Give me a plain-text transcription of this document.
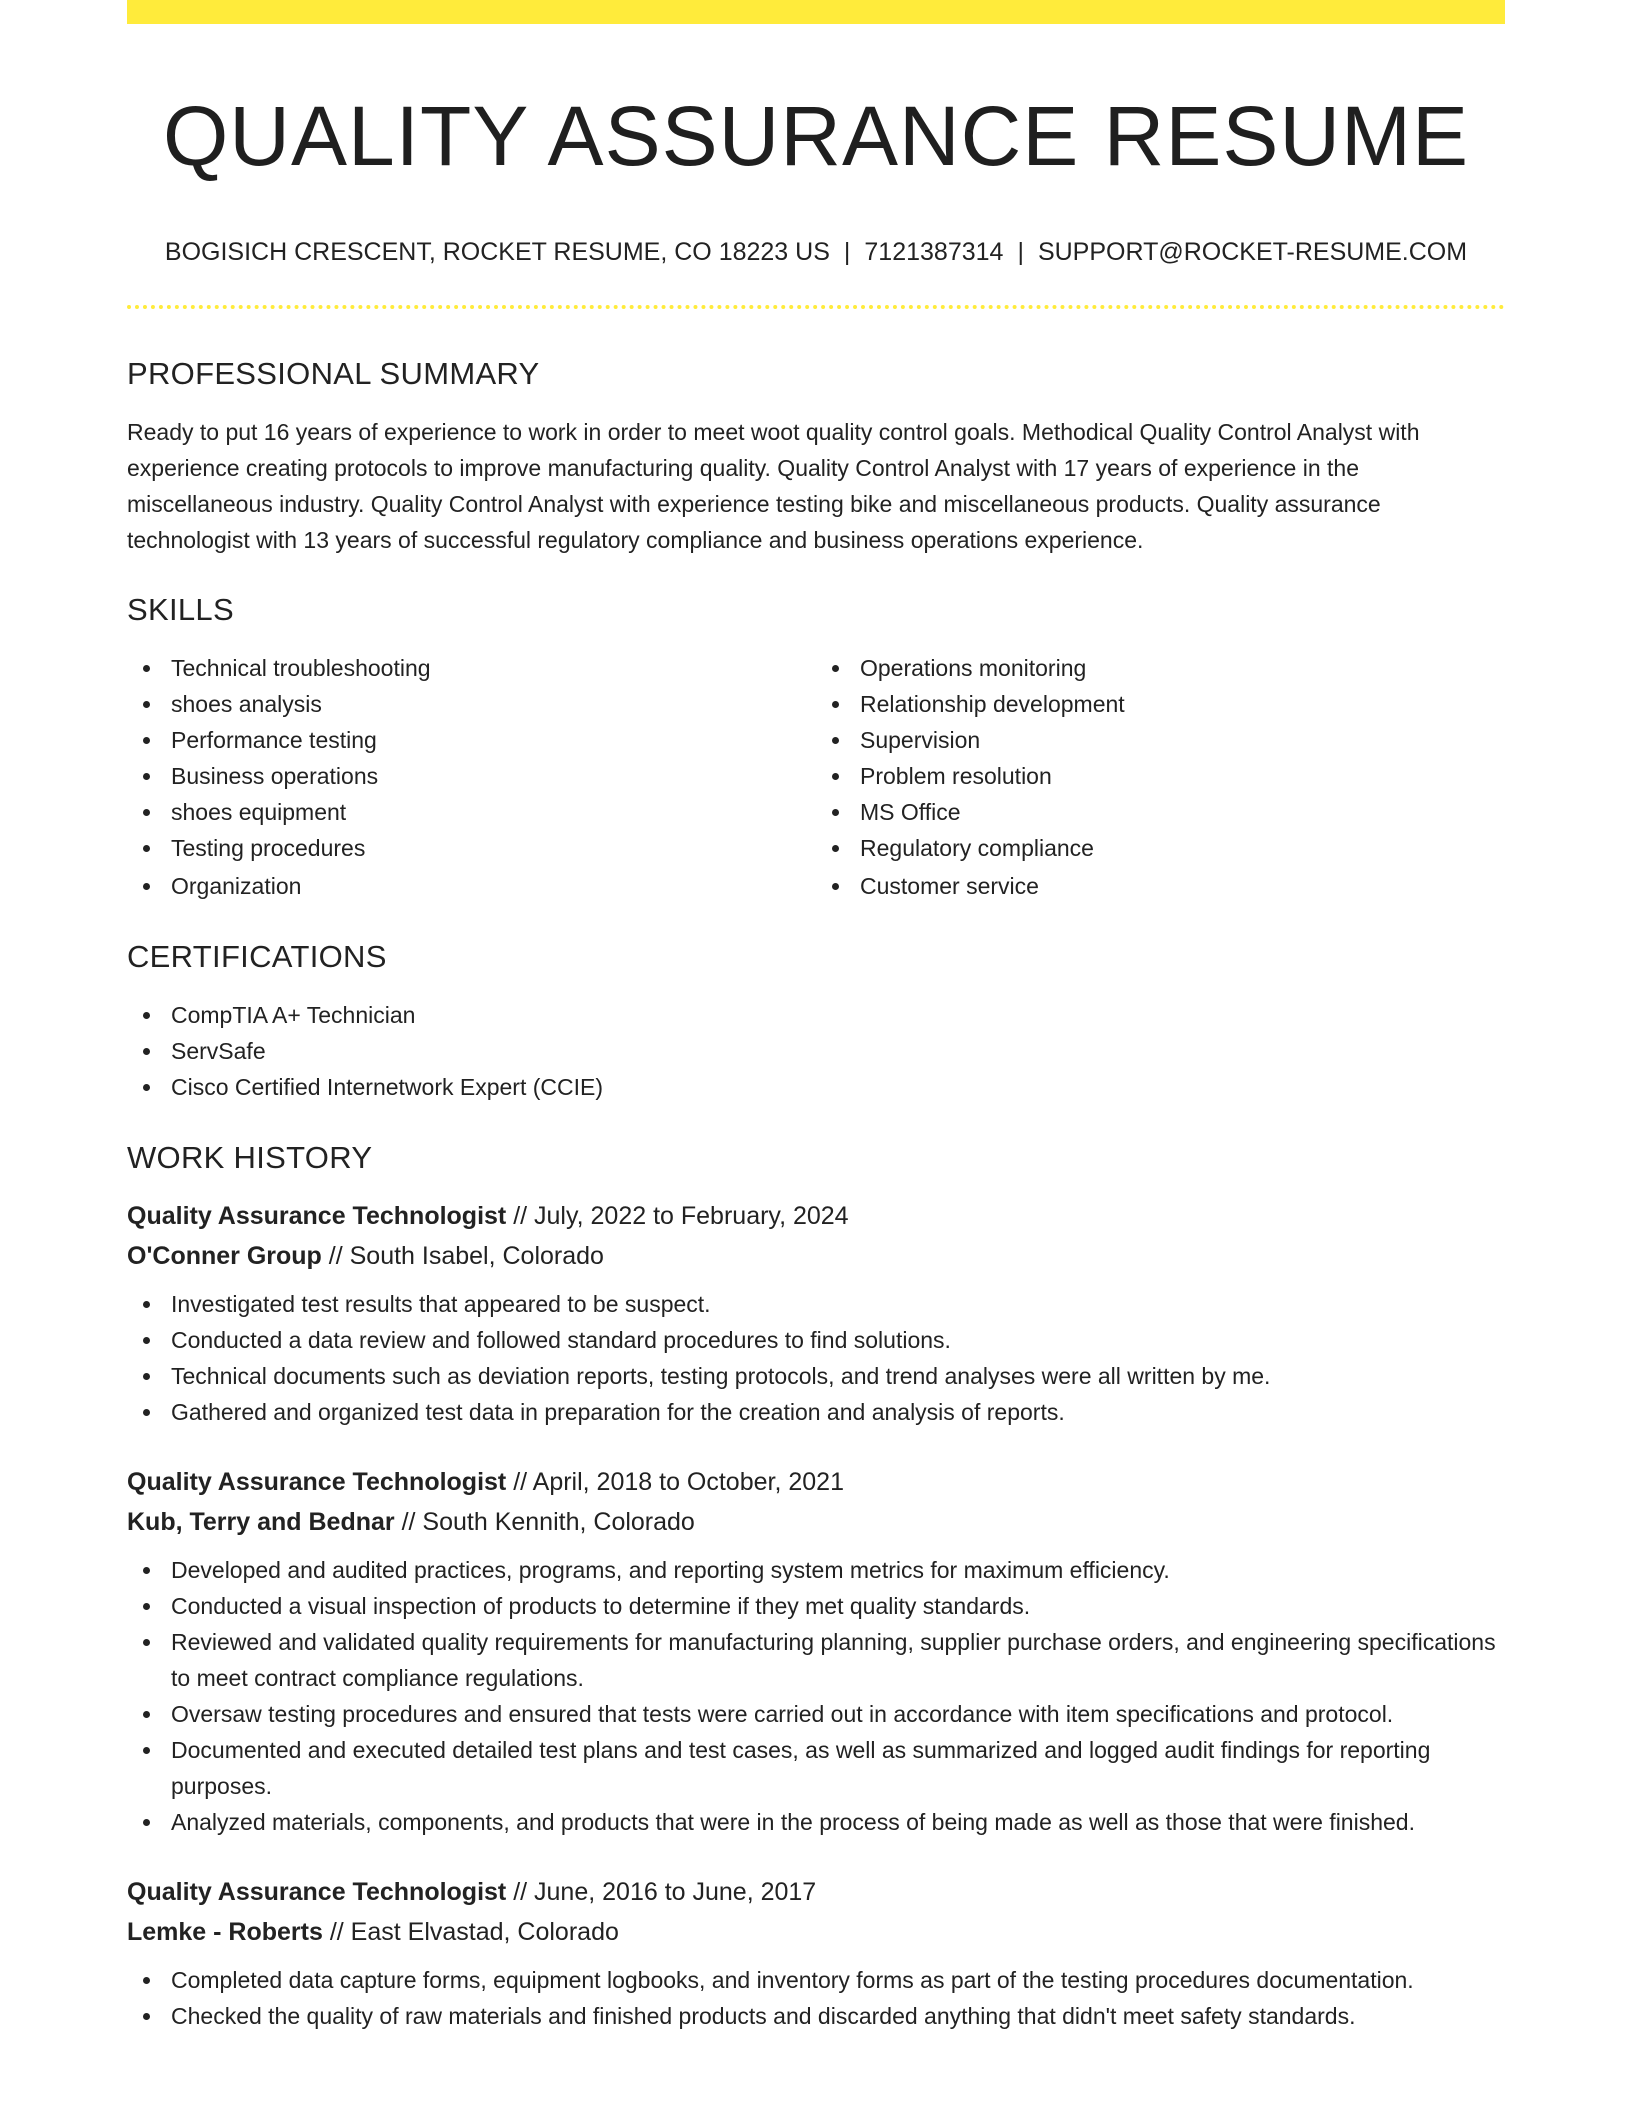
QUALITY ASSURANCE RESUME
BOGISICH CRESCENT, ROCKET RESUME, CO 18223 US | 7121387314 | SUPPORT@ROCKET-RESUME.COM
PROFESSIONAL SUMMARY

Ready to put 16 years of experience to work in order to meet woot quality control goals. Methodical Quality Control Analyst with experience creating protocols to improve manufacturing quality. Quality Control Analyst with 17 years of experience in the miscellaneous industry. Quality Control Analyst with experience testing bike and miscellaneous products. Quality assurance technologist with 13 years of successful regulatory compliance and business operations experience.

SKILLS
Technical troubleshooting
shoes analysis
Performance testing
Business operations
shoes equipment
Testing procedures
Organization
Operations monitoring
Relationship development
Supervision
Problem resolution
MS Office
Regulatory compliance
Customer service
CERTIFICATIONS
CompTIA A+ Technician
ServSafe
Cisco Certified Internetwork Expert (CCIE)
WORK HISTORY
Quality Assurance Technologist // July, 2022 to February, 2024
O'Conner Group // South Isabel, Colorado
Investigated test results that appeared to be suspect.
Conducted a data review and followed standard procedures to find solutions.
Technical documents such as deviation reports, testing protocols, and trend analyses were all written by me.
Gathered and organized test data in preparation for the creation and analysis of reports.
Quality Assurance Technologist // April, 2018 to October, 2021
Kub, Terry and Bednar // South Kennith, Colorado
Developed and audited practices, programs, and reporting system metrics for maximum efficiency.
Conducted a visual inspection of products to determine if they met quality standards.
Reviewed and validated quality requirements for manufacturing planning, supplier purchase orders, and engineering specifications to meet contract compliance regulations.
Oversaw testing procedures and ensured that tests were carried out in accordance with item specifications and protocol.
Documented and executed detailed test plans and test cases, as well as summarized and logged audit findings for reporting purposes.
Analyzed materials, components, and products that were in the process of being made as well as those that were finished.
Quality Assurance Technologist // June, 2016 to June, 2017
Lemke - Roberts // East Elvastad, Colorado
Completed data capture forms, equipment logbooks, and inventory forms as part of the testing procedures documentation.
Checked the quality of raw materials and finished products and discarded anything that didn't meet safety standards.
